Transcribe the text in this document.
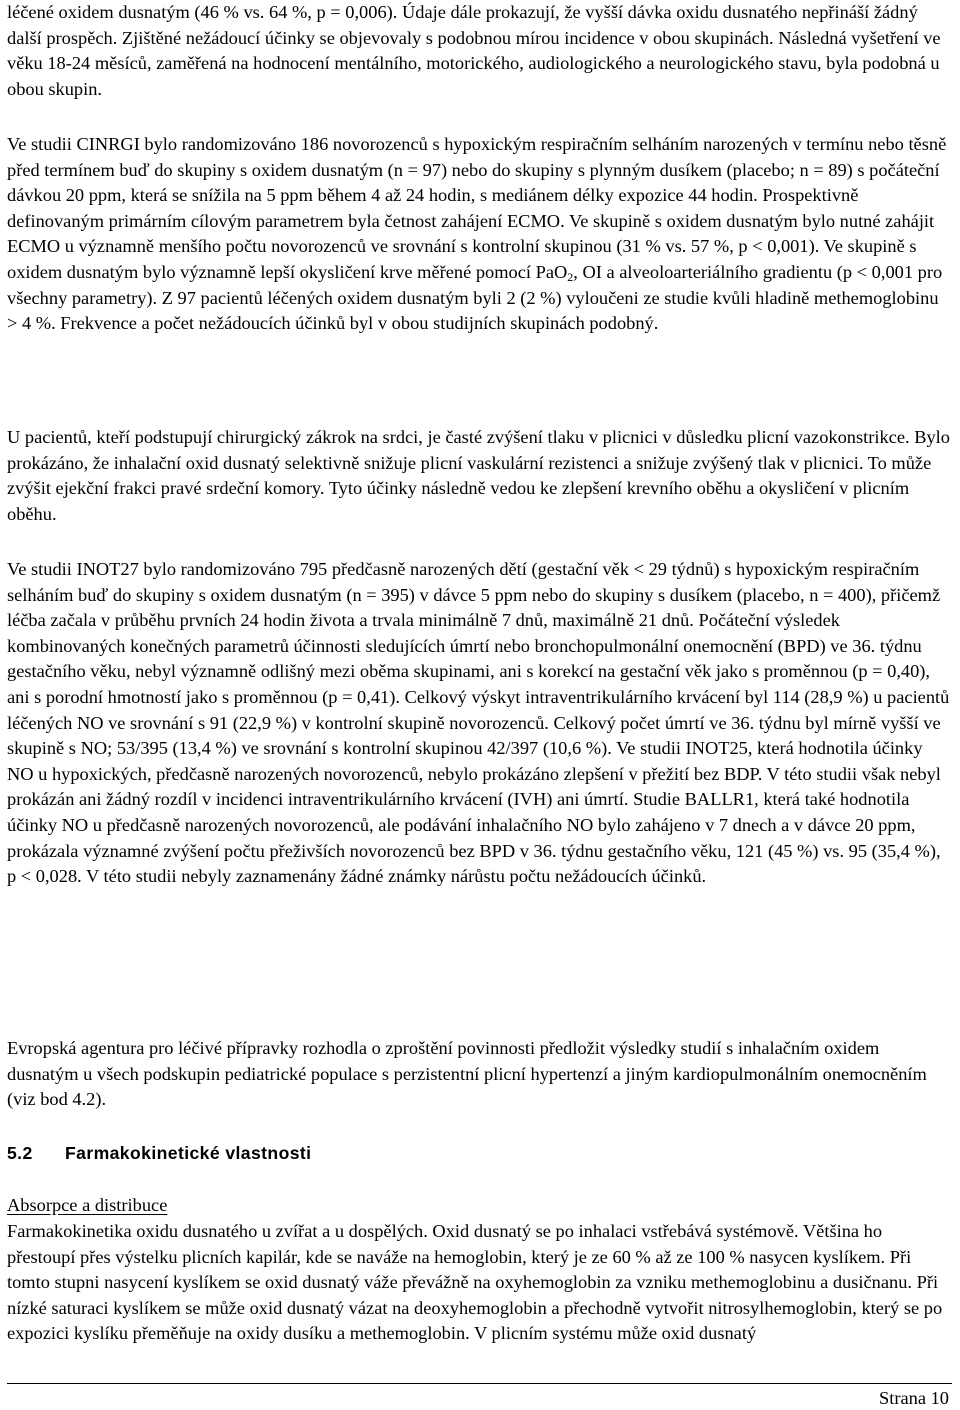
léčené oxidem dusnatým (46 % vs. 64 %, p = 0,006). Údaje dále prokazují, že vyšší dávka oxidu dusnatého nepřináší žádný další prospěch. Zjištěné nežádoucí účinky se objevovaly s podobnou mírou incidence v obou skupinách. Následná vyšetření ve věku 18-24 měsíců, zaměřená na hodnocení mentálního, motorického, audiologického a neurologického stavu, byla podobná u obou skupin.

Ve studii CINRGI bylo randomizováno 186 novorozenců s hypoxickým respiračním selháním narozených v termínu nebo těsně před termínem buď do skupiny s oxidem dusnatým (n = 97) nebo do skupiny s plynným dusíkem (placebo; n = 89) s počáteční dávkou 20 ppm, která se snížila na 5 ppm během 4 až 24 hodin, s mediánem délky expozice 44 hodin. Prospektivně definovaným primárním cílovým parametrem byla četnost zahájení ECMO. Ve skupině s oxidem dusnatým bylo nutné zahájit ECMO u významně menšího počtu novorozenců ve srovnání s kontrolní skupinou (31 % vs. 57 %, p < 0,001). Ve skupině s oxidem dusnatým bylo významně lepší okysličení krve měřené pomocí PaO$_2$, OI a alveoloarteriálního gradientu (p < 0,001 pro všechny parametry). Z 97 pacientů léčených oxidem dusnatým byli 2 (2 %) vyloučeni ze studie kvůli hladině methemoglobinu > 4 %. Frekvence a počet nežádoucích účinků byl v obou studijních skupinách podobný.

U pacientů, kteří podstupují chirurgický zákrok na srdci, je časté zvýšení tlaku v plicnici v důsledku plicní vazokonstrikce. Bylo prokázáno, že inhalační oxid dusnatý selektivně snižuje plicní vaskulární rezistenci a snižuje zvýšený tlak v plicnici. To může zvýšit ejekční frakci pravé srdeční komory. Tyto účinky následně vedou ke zlepšení krevního oběhu a okysličení v plicním oběhu.

Ve studii INOT27 bylo randomizováno 795 předčasně narozených dětí (gestační věk < 29 týdnů) s hypoxickým respiračním selháním buď do skupiny s oxidem dusnatým (n = 395) v dávce 5 ppm nebo do skupiny s dusíkem (placebo, n = 400), přičemž léčba začala v průběhu prvních 24 hodin života a trvala minimálně 7 dnů, maximálně 21 dnů. Počáteční výsledek kombinovaných konečných parametrů účinnosti sledujících úmrtí nebo bronchopulmonální onemocnění (BPD) ve 36. týdnu gestačního věku, nebyl významně odlišný mezi oběma skupinami, ani s korekcí na gestační věk jako s proměnnou (p = 0,40), ani s porodní hmotností jako s proměnnou (p = 0,41). Celkový výskyt intraventrikulárního krvácení byl 114 (28,9 %) u pacientů léčených NO ve srovnání s 91 (22,9 %) v kontrolní skupině novorozenců. Celkový počet úmrtí ve 36. týdnu byl mírně vyšší ve skupině s NO; 53/395 (13,4 %) ve srovnání s kontrolní skupinou 42/397 (10,6 %). Ve studii INOT25, která hodnotila účinky NO u hypoxických, předčasně narozených novorozenců, nebylo prokázáno zlepšení v přežití bez BDP. V této studii však nebyl prokázán ani žádný rozdíl v incidenci intraventrikulárního krvácení (IVH) ani úmrtí. Studie BALLR1, která také hodnotila účinky NO u předčasně narozených novorozenců, ale podávání inhalačního NO bylo zahájeno v 7 dnech a v dávce 20 ppm, prokázala významné zvýšení počtu přeživších novorozenců bez BPD v 36. týdnu gestačního věku, 121 (45 %) vs. 95 (35,4 %), p < 0,028. V této studii nebyly zaznamenány žádné známky nárůstu počtu nežádoucích účinků.

Evropská agentura pro léčivé přípravky rozhodla o zproštění povinnosti předložit výsledky studií s inhalačním oxidem dusnatým u všech podskupin pediatrické populace s perzistentní plicní hypertenzí a jiným kardiopulmonálním onemocněním (viz bod 4.2).

5.2 Farmakokinetické vlastnosti
Absorpce a distribuce

Farmakokinetika oxidu dusnatého u zvířat a u dospělých. Oxid dusnatý se po inhalaci vstřebává systémově. Většina ho přestoupí přes výstelku plicních kapilár, kde se naváže na hemoglobin, který je ze 60 % až ze 100 % nasycen kyslíkem. Při tomto stupni nasycení kyslíkem se oxid dusnatý váže převážně na oxyhemoglobin za vzniku methemoglobinu a dusičnanu. Při nízké saturaci kyslíkem se může oxid dusnatý vázat na deoxyhemoglobin a přechodně vytvořit nitrosylhemoglobin, který se po expozici kyslíku přeměňuje na oxidy dusíku a methemoglobin. V plicním systému může oxid dusnatý

Strana 10
